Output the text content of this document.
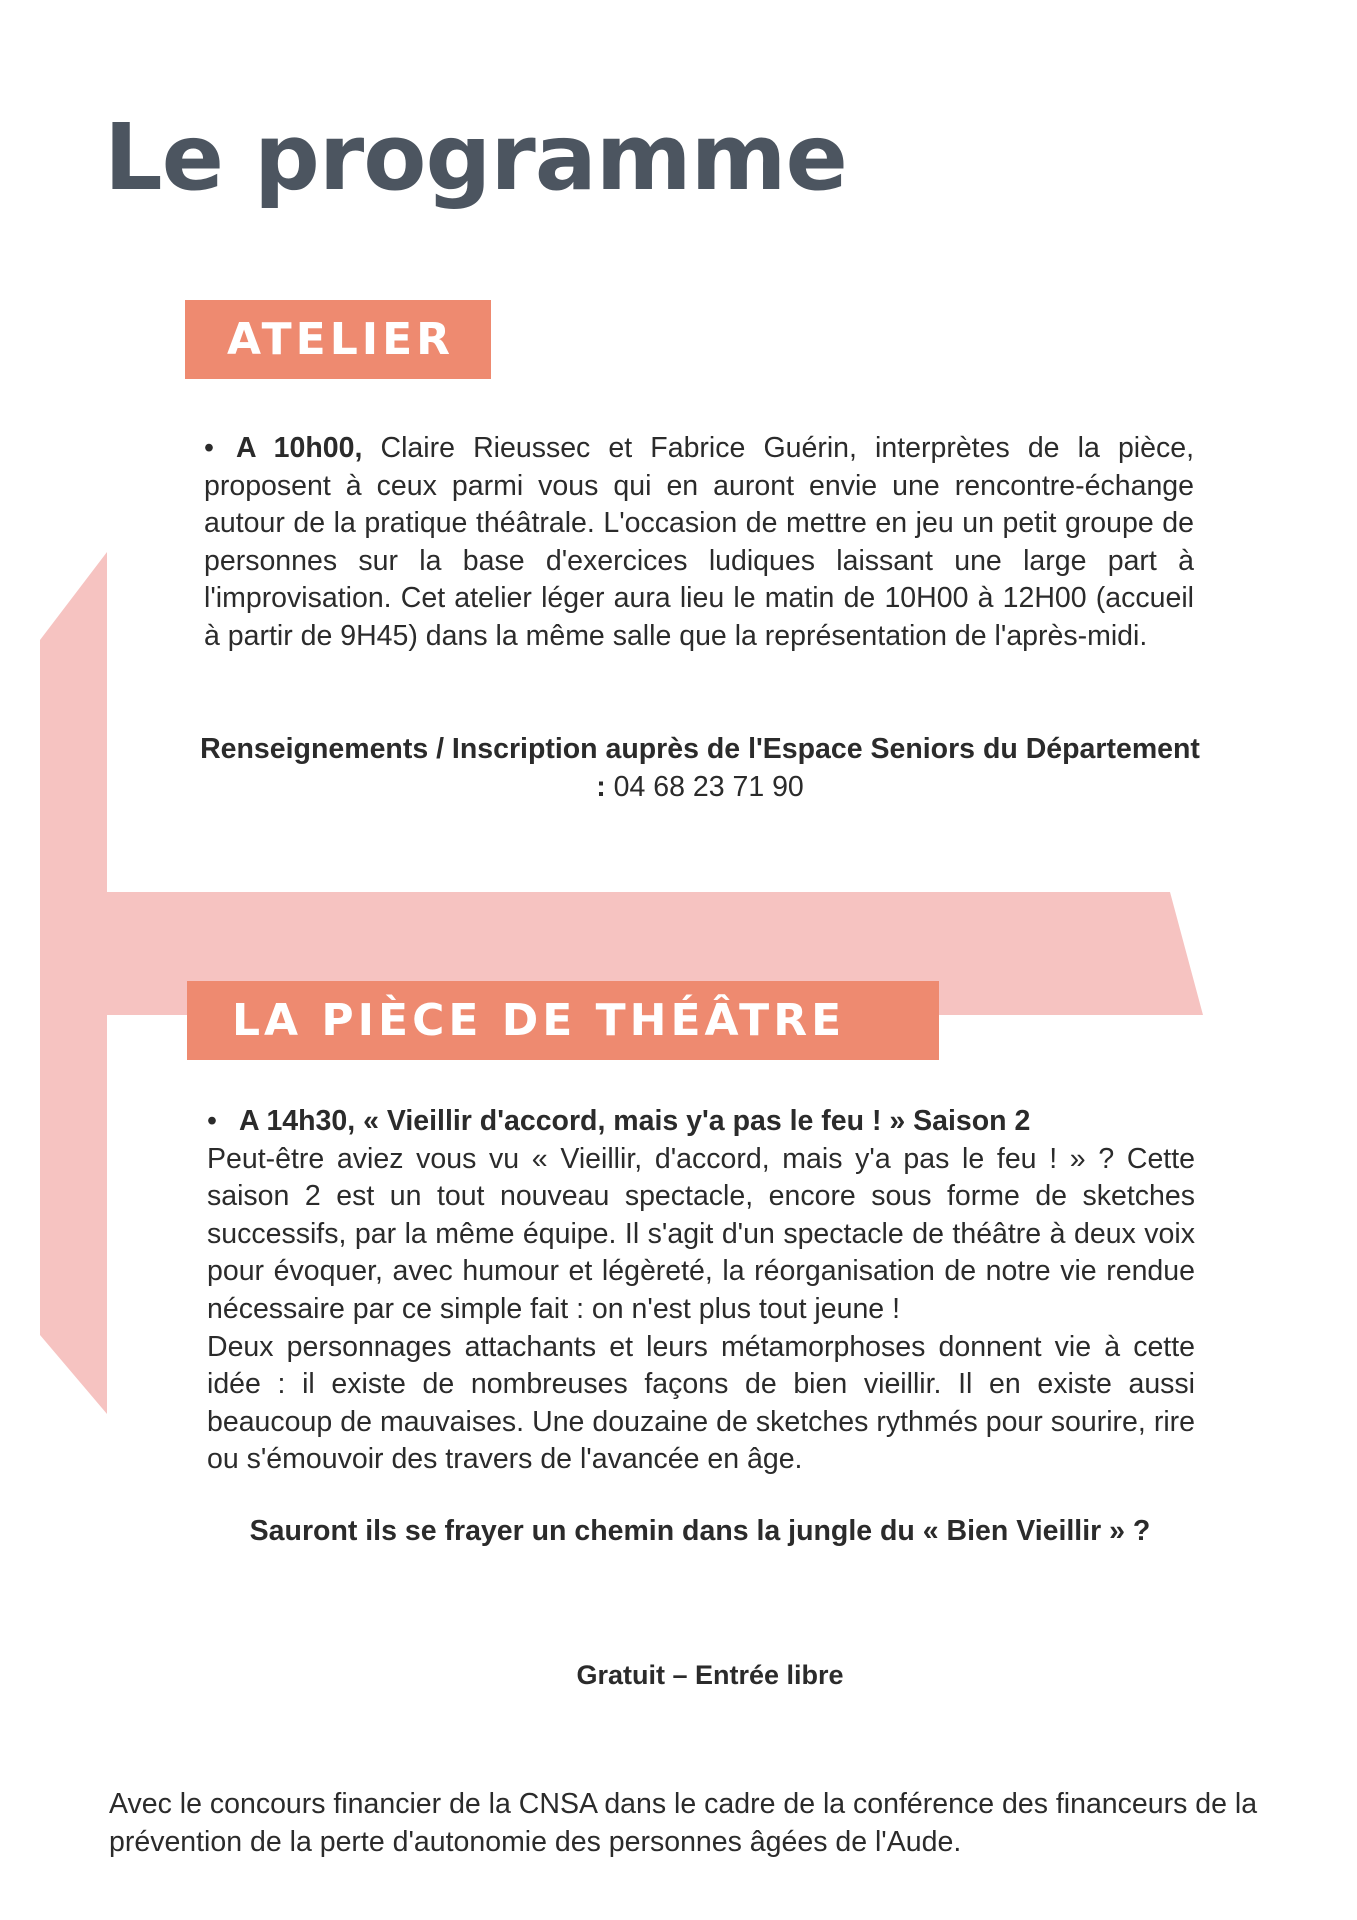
Le programme
ATELIER

• A 10h00, Claire Rieussec et Fabrice Guérin, interprètes de la pièce, proposent à ceux parmi vous qui en auront envie une rencontre-échange autour de la pratique théâtrale. L'occasion de mettre en jeu un petit groupe de personnes sur la base d'exercices ludiques laissant une large part à l'improvisation. Cet atelier léger aura lieu le matin de 10H00 à 12H00 (accueil à partir de 9H45) dans la même salle que la représentation de l'après-midi.

Renseignements / Inscription auprès de l'Espace Seniors du Département : 04 68 23 71 90

LA PIÈCE DE THÉÂTRE

• A 14h30, « Vieillir d'accord, mais y'a pas le feu ! » Saison 2
Peut-être aviez vous vu « Vieillir, d'accord, mais y'a pas le feu ! » ? Cette saison 2 est un tout nouveau spectacle, encore sous forme de sketches successifs, par la même équipe. Il s'agit d'un spectacle de théâtre à deux voix pour évoquer, avec humour et légèreté, la réorganisation de notre vie rendue nécessaire par ce simple fait : on n'est plus tout jeune !
Deux personnages attachants et leurs métamorphoses donnent vie à cette idée : il existe de nombreuses façons de bien vieillir. Il en existe aussi beaucoup de mauvaises. Une douzaine de sketches rythmés pour sourire, rire ou s'émouvoir des travers de l'avancée en âge.

Sauront ils se frayer un chemin dans la jungle du « Bien Vieillir » ?

Gratuit – Entrée libre

Avec le concours financier de la CNSA dans le cadre de la conférence des financeurs de la prévention de la perte d'autonomie des personnes âgées de l'Aude.
